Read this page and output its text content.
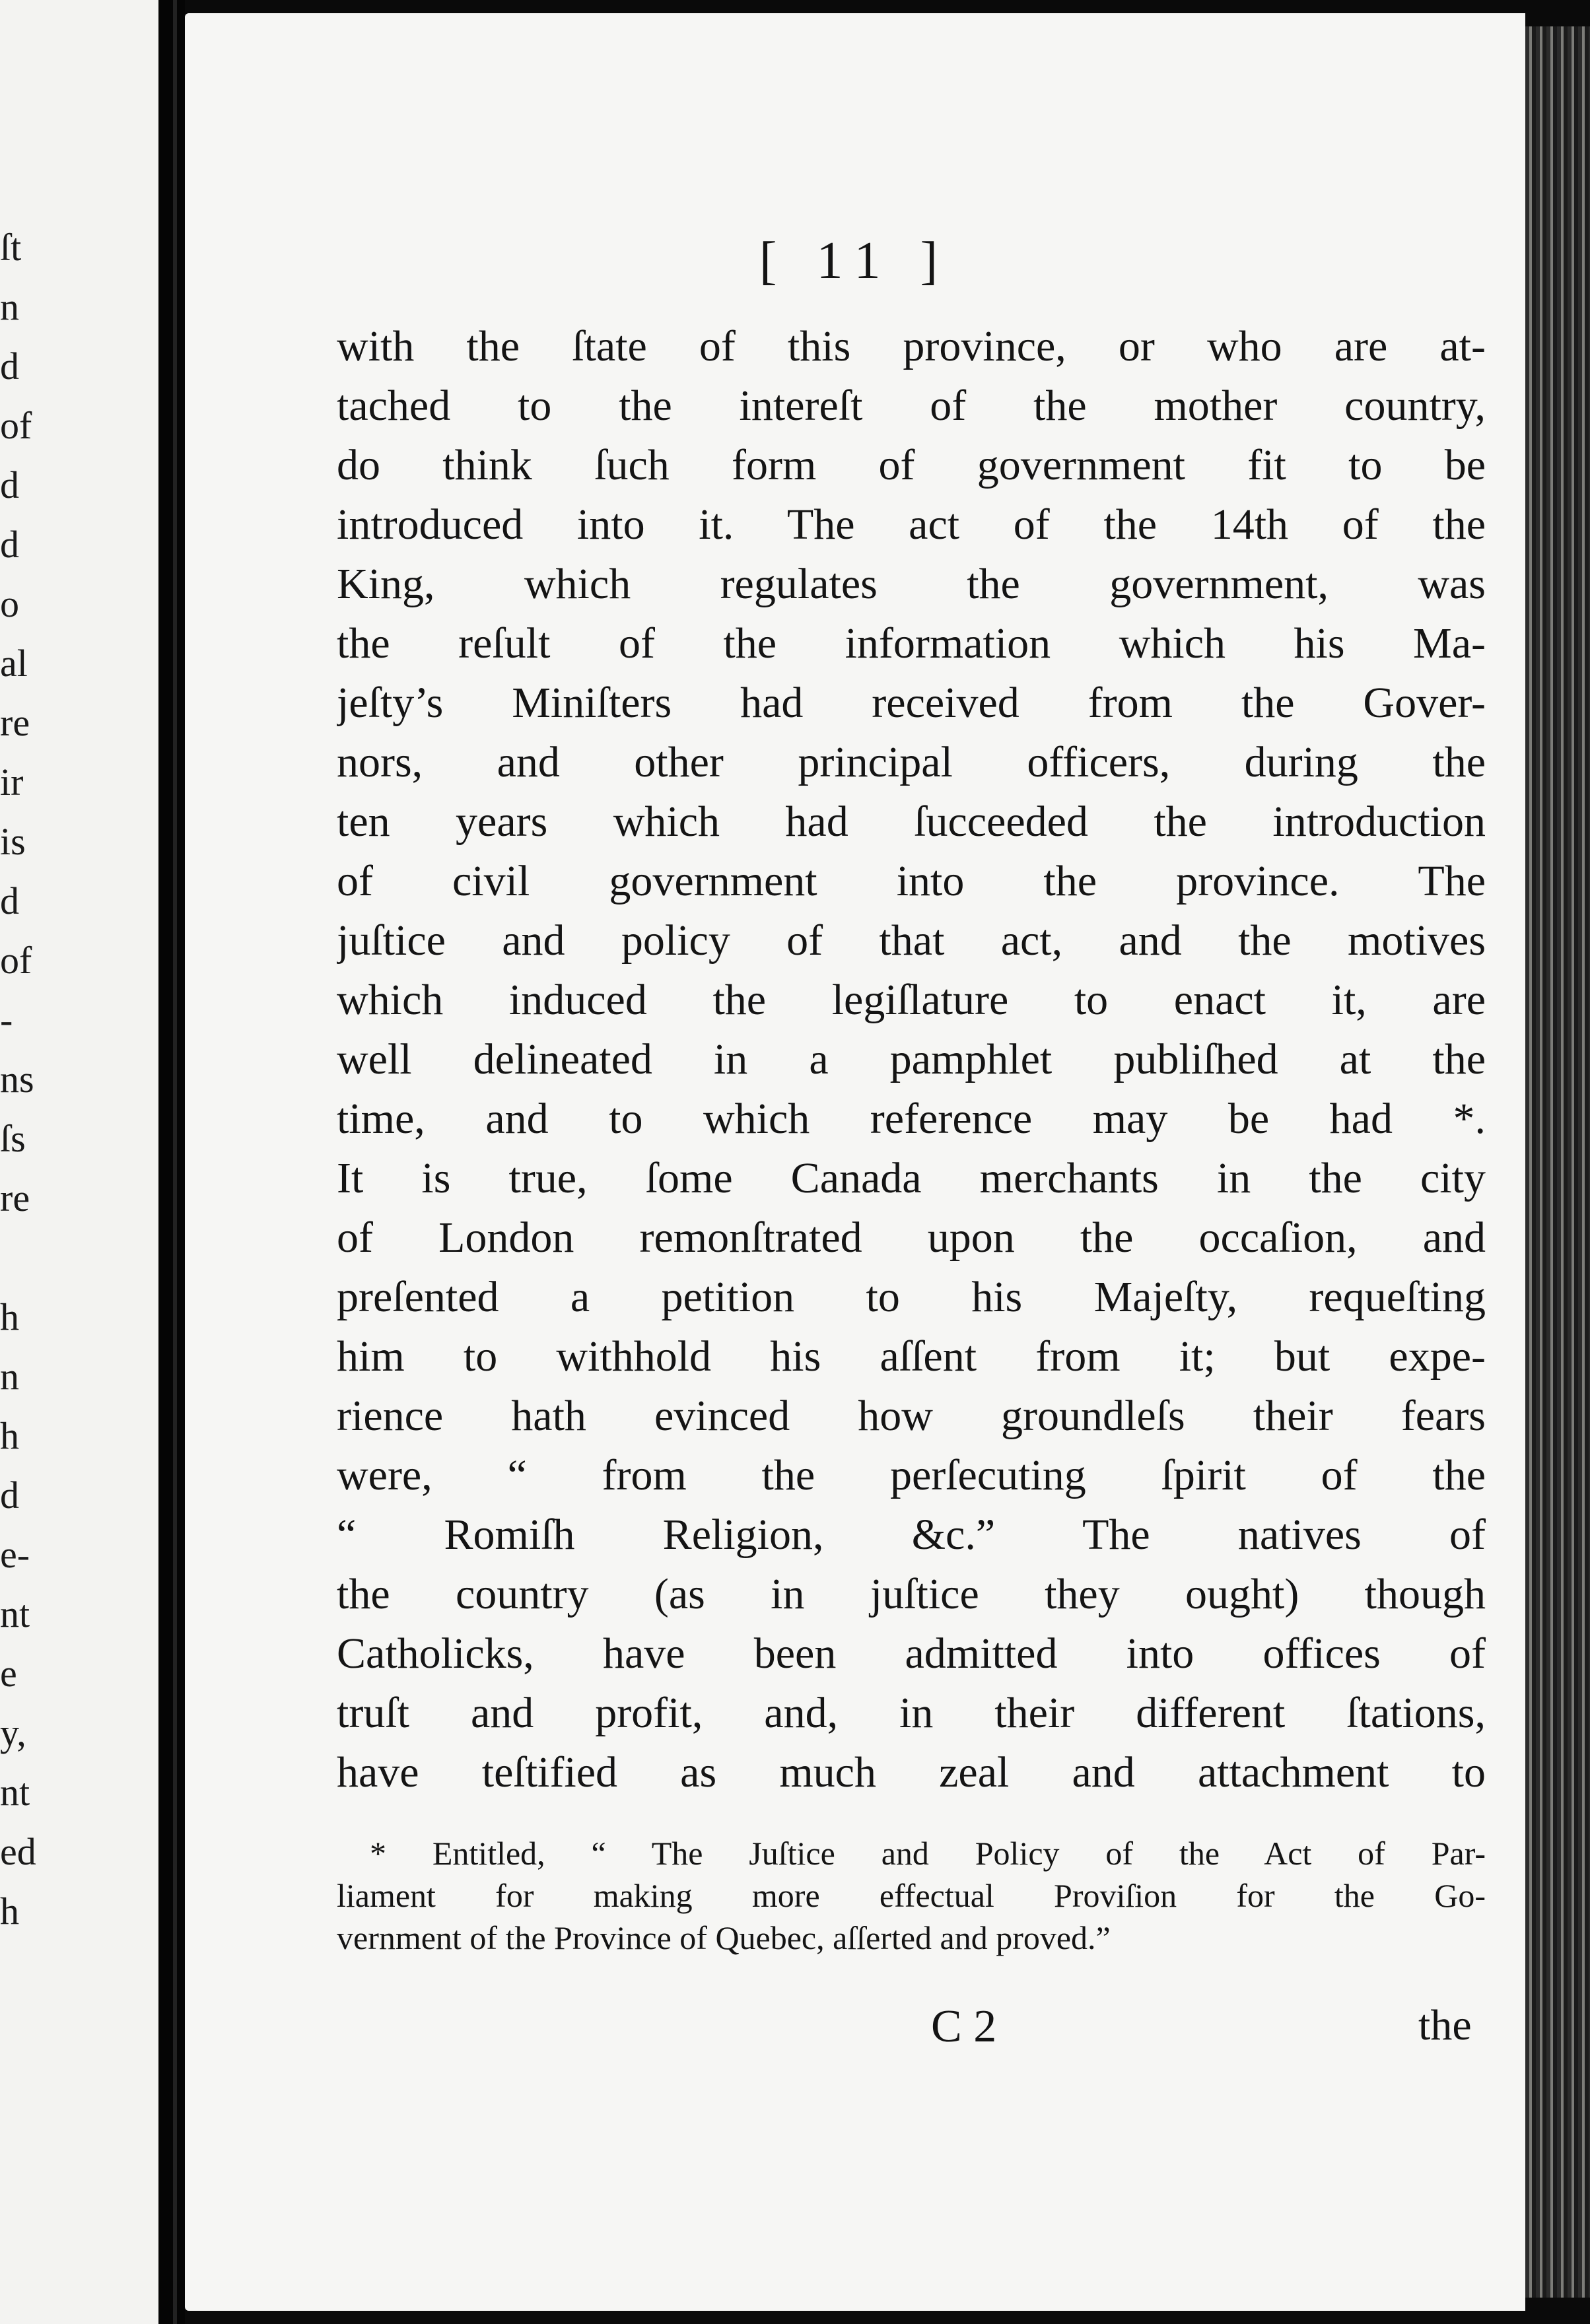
ſt
n
d
of
d
d
o
al
re
ir
is
d
of
-
ns
ſs
re
h
n
h
d
e-
nt
e
y,
nt
ed
h
[ 11 ]
with the ſtate of this province, or who are at-
tached to the intereſt of the mother country,
do think ſuch form of government fit to be
introduced into it. The act of the 14th of the
King, which regulates the government, was
the reſult of the information which his Ma-
jeſty’s Miniſters had received from the Gover-
nors, and other principal officers, during the
ten years which had ſucceeded the introduction
of civil government into the province. The
juſtice and policy of that act, and the motives
which induced the legiſlature to enact it, are
well delineated in a pamphlet publiſhed at the
time, and to which reference may be had *.
It is true, ſome Canada merchants in the city
of London remonſtrated upon the occaſion, and
preſented a petition to his Majeſty, requeſting
him to withhold his aſſent from it; but expe-
rience hath evinced how groundleſs their fears
were, “ from the perſecuting ſpirit of the
“ Romiſh Religion, &c.” The natives of
the country (as in juſtice they ought) though
Catholicks, have been admitted into offices of
truſt and profit, and, in their different ſtations,
have teſtified as much zeal and attachment to
* Entitled, “ The Juſtice and Policy of the Act of Par-
liament for making more effectual Proviſion for the Go-
vernment of the Province of Quebec, aſſerted and proved.”
C 2	the
